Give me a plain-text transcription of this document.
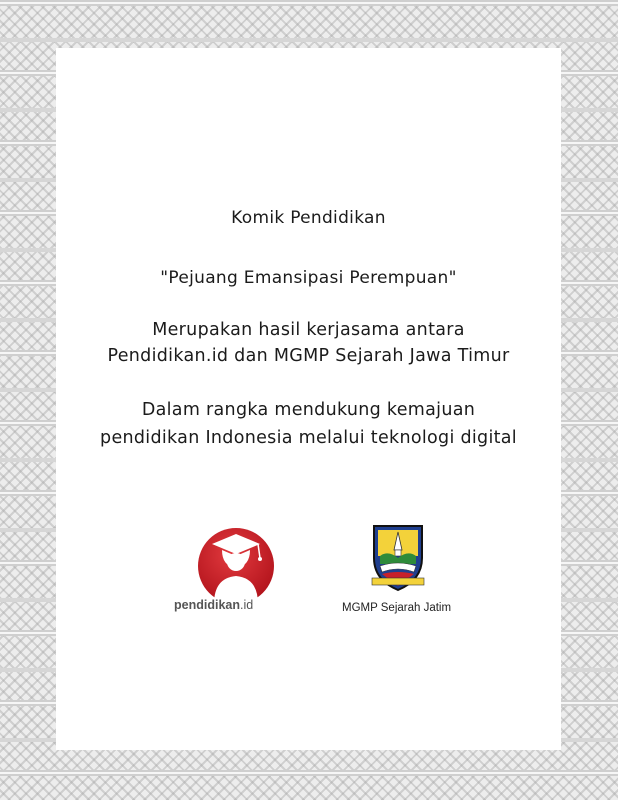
Komik Pendidikan
"Pejuang Emansipasi Perempuan"
Merupakan hasil kerjasama antara
Pendidikan.id dan MGMP Sejarah Jawa Timur
Dalam rangka mendukung kemajuan
pendidikan Indonesia melalui teknologi digital
pendidikan.id	MGMP Sejarah Jatim
